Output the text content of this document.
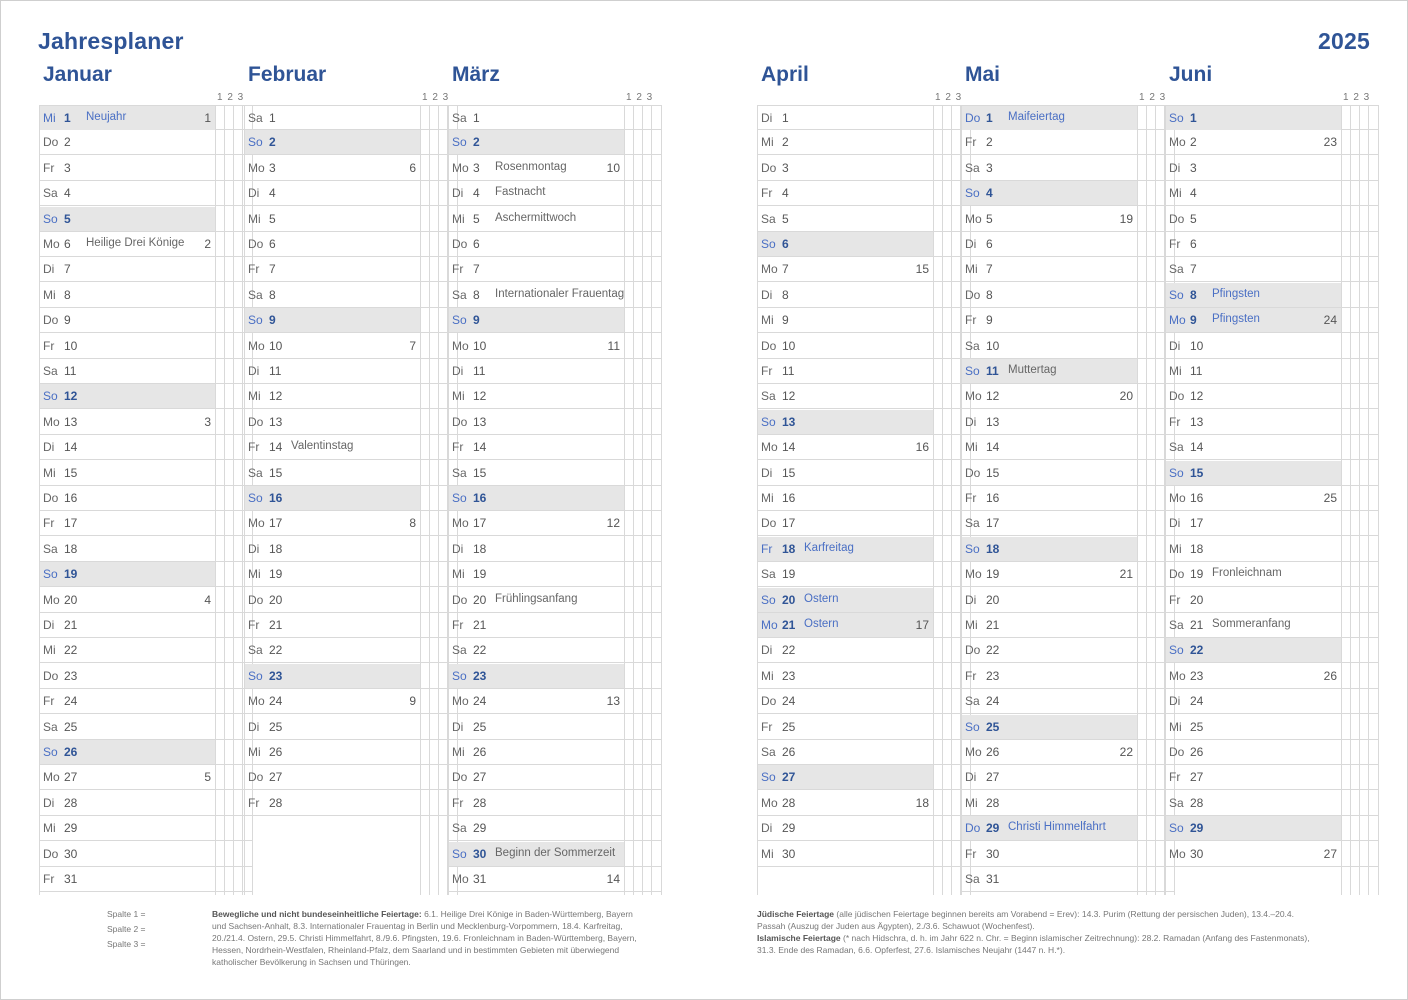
Jahresplaner	2025
Januar
1 2 3
Mi 1 Neujahr	1
Do 2
Fr 3
Sa 4
So 5
Mo 6 Heilige Drei Könige 2
Di 7
Mi 8
Do 9
Fr 10
Sa 11
So 12
Mo 13	3
Di 14
Mi 15
Do 16
Fr 17
Sa 18
So 19
Mo 20	4
Di 21
Mi 22
Do 23
Fr 24
Sa 25
So 26
Mo 27	5
Di 28
Mi 29
Do 30
Fr 31
Februar
1 2 3
Sa 1
So 2
Mo 3	6
Di 4
Mi 5
Do 6
Fr 7
Sa 8
So 9
Mo 10	7
Di 11
Mi 12
Do 13
Fr 14 Valentinstag
Sa 15
So 16
Mo 17	8
Di 18
Mi 19
Do 20
Fr 21
Sa 22
So 23
Mo 24	9
Di 25
Mi 26
Do 27
Fr 28
März
1 2 3
Sa 1
So 2
Mo 3 Rosenmontag	10
Di 4 Fastnacht
Mi 5 Aschermittwoch
Do 6
Fr 7
Sa 8 Internationaler Frauentag
So 9
Mo 10	11
Di 11
Mi 12
Do 13
Fr 14
Sa 15
So 16
Mo 17	12
Di 18
Mi 19
Do 20 Frühlingsanfang
Fr 21
Sa 22
So 23
Mo 24	13
Di 25
Mi 26
Do 27
Fr 28
Sa 29
So 30 Beginn der Sommerzeit
Mo 31	14
April
1 2 3
Di 1
Mi 2
Do 3
Fr 4
Sa 5
So 6
Mo 7	15
Di 8
Mi 9
Do 10
Fr 11
Sa 12
So 13
Mo 14	16
Di 15
Mi 16
Do 17
Fr 18 Karfreitag
Sa 19
So 20 Ostern
Mo 21 Ostern	17
Di 22
Mi 23
Do 24
Fr 25
Sa 26
So 27
Mo 28	18
Di 29
Mi 30
Mai
1 2 3
Do 1 Maifeiertag
Fr 2
Sa 3
So 4
Mo 5	19
Di 6
Mi 7
Do 8
Fr 9
Sa 10
So 11 Muttertag
Mo 12	20
Di 13
Mi 14
Do 15
Fr 16
Sa 17
So 18
Mo 19	21
Di 20
Mi 21
Do 22
Fr 23
Sa 24
So 25
Mo 26	22
Di 27
Mi 28
Do 29 Christi Himmelfahrt
Fr 30
Sa 31
Juni
1 2 3
So 1
Mo 2	23
Di 3
Mi 4
Do 5
Fr 6
Sa 7
So 8 Pfingsten
Mo 9 Pfingsten	24
Di 10
Mi 11
Do 12
Fr 13
Sa 14
So 15
Mo 16	25
Di 17
Mi 18
Do 19 Fronleichnam
Fr 20
Sa 21 Sommeranfang
So 22
Mo 23	26
Di 24
Mi 25
Do 26
Fr 27
Sa 28
So 29
Mo 30	27
Spalte 1 =
Spalte 2 =
Spalte 3 =
Bewegliche und nicht bundeseinheitliche Feiertage: 6.1. Heilige Drei Könige in Baden-Württemberg, Bayern und Sachsen-Anhalt, 8.3. Internationaler Frauentag in Berlin und Mecklenburg-Vorpommern, 18.4. Karfreitag, 20./21.4. Ostern, 29.5. Christi Himmelfahrt, 8./9.6. Pfingsten, 19.6. Fronleichnam in Baden-Württemberg, Bayern, Hessen, Nordrhein-Westfalen, Rheinland-Pfalz, dem Saarland und in bestimmten Gebieten mit überwiegend katholischer Bevölkerung in Sachsen und Thüringen.
Jüdische Feiertage (alle jüdischen Feiertage beginnen bereits am Vorabend = Erev): 14.3. Purim (Rettung der persischen Juden), 13.4.–20.4. Passah (Auszug der Juden aus Ägypten), 2./3.6. Schawuot (Wochenfest).
Islamische Feiertage (* nach Hidschra, d. h. im Jahr 622 n. Chr. = Beginn islamischer Zeitrechnung): 28.2. Ramadan (Anfang des Fastenmonats), 31.3. Ende des Ramadan, 6.6. Opferfest, 27.6. Islamisches Neujahr (1447 n. H.*).
